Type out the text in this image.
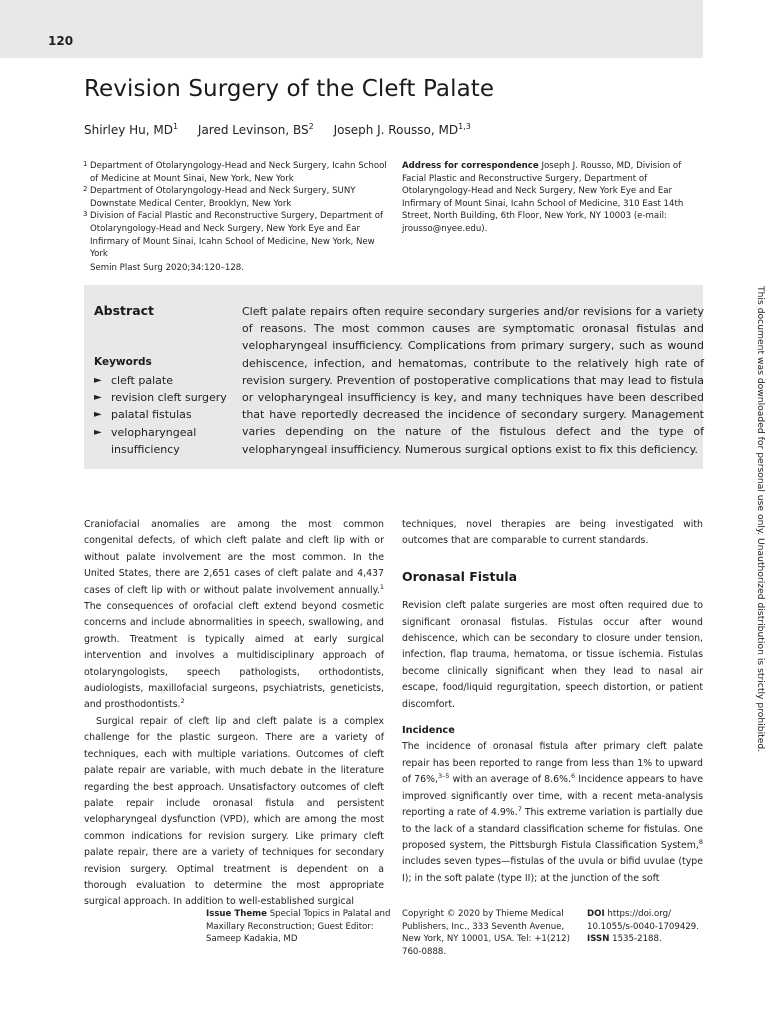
120
Revision Surgery of the Cleft Palate
Shirley Hu, $MD^1$ Jared Levinson, $BS^2$ Joseph J. Rousso, MD$^{1,3}$
1 Department of Otolaryngology-Head and Neck Surgery, Icahn School of Medicine at Mount Sinai, New York, New York
2 Department of Otolaryngology-Head and Neck Surgery, SUNY Downstate Medical Center, Brooklyn, New York
3 Division of Facial Plastic and Reconstructive Surgery, Department of Otolaryngology-Head and Neck Surgery, New York Eye and Ear Infirmary of Mount Sinai, Icahn School of Medicine, New York, New York
Address for correspondence Joseph J. Rousso, MD, Division of Facial Plastic and Reconstructive Surgery, Department of Otolaryngology-Head and Neck Surgery, New York Eye and Ear Infirmary of Mount Sinai, Icahn School of Medicine, 310 East 14th Street, North Building, 6th Floor, New York, NY 10003 (e-mail: jrousso@nyee.edu).
Semin Plast Surg 2020;34:120–128.
Abstract
Keywords
► cleft palate
► revision cleft surgery
► palatal fistulas
► velopharyngeal insufficiency
Cleft palate repairs often require secondary surgeries and/or revisions for a variety of reasons. The most common causes are symptomatic oronasal fistulas and velopharyngeal insufficiency. Complications from primary surgery, such as wound dehiscence, infection, and hematomas, contribute to the relatively high rate of revision surgery. Prevention of postoperative complications that may lead to fistula or velopharyngeal insufficiency is key, and many techniques have been described that have reportedly decreased the incidence of secondary surgery. Management varies depending on the nature of the fistulous defect and the type of velopharyngeal insufficiency. Numerous surgical options exist to fix this deficiency.

Craniofacial anomalies are among the most common congenital defects, of which cleft palate and cleft lip with or without palate involvement are the most common. In the United States, there are 2,651 cases of cleft palate and 4,437 cases of cleft lip with or without palate involvement annually.$^1$ The consequences of orofacial cleft extend beyond cosmetic concerns and include abnormalities in speech, swallowing, and growth. Treatment is typically aimed at early surgical intervention and involves a multidisciplinary approach of otolaryngologists, speech pathologists, orthodontists, audiologists, maxillofacial surgeons, psychiatrists, geneticists, and prosthodontists.$^2$

Surgical repair of cleft lip and cleft palate is a complex challenge for the plastic surgeon. There are a variety of techniques, each with multiple variations. Outcomes of cleft palate repair are variable, with much debate in the literature regarding the best approach. Unsatisfactory outcomes of cleft palate repair include oronasal fistula and persistent velopharyngeal dysfunction (VPD), which are among the most common indications for revision surgery. Like primary cleft palate repair, there are a variety of techniques for secondary revision surgery. Optimal treatment is dependent on a thorough evaluation to determine the most appropriate surgical approach. In addition to well-established surgical

techniques, novel therapies are being investigated with outcomes that are comparable to current standards.

Oronasal Fistula

Revision cleft palate surgeries are most often required due to significant oronasal fistulas. Fistulas occur after wound dehiscence, which can be secondary to closure under tension, infection, flap trauma, hematoma, or tissue ischemia. Fistulas become clinically significant when they lead to nasal air escape, food/liquid regurgitation, speech distortion, or patient discomfort.

Incidence

The incidence of oronasal fistula after primary cleft palate repair has been reported to range from less than 1% to upward of 76%,$^{3-5}$ with an average of 8.6%.$^6$ Incidence appears to have improved significantly over time, with a recent meta-analysis reporting a rate of 4.9%.$^7$ This extreme variation is partially due to the lack of a standard classification scheme for fistulas. One proposed system, the Pittsburgh Fistula Classification System,$^8$ includes seven types—fistulas of the uvula or bifid uvulae (type I); in the soft palate (type II); at the junction of the soft

Issue Theme Special Topics in Palatal and Maxillary Reconstruction; Guest Editor: Sameep Kadakia, MD
Copyright © 2020 by Thieme Medical Publishers, Inc., 333 Seventh Avenue, New York, NY 10001, USA. Tel: +1(212) 760-0888.
DOI https://doi.org/ 10.1055/s-0040-1709429.
ISSN 1535-2188.
This document was downloaded for personal use only. Unauthorized distribution is strictly prohibited.
